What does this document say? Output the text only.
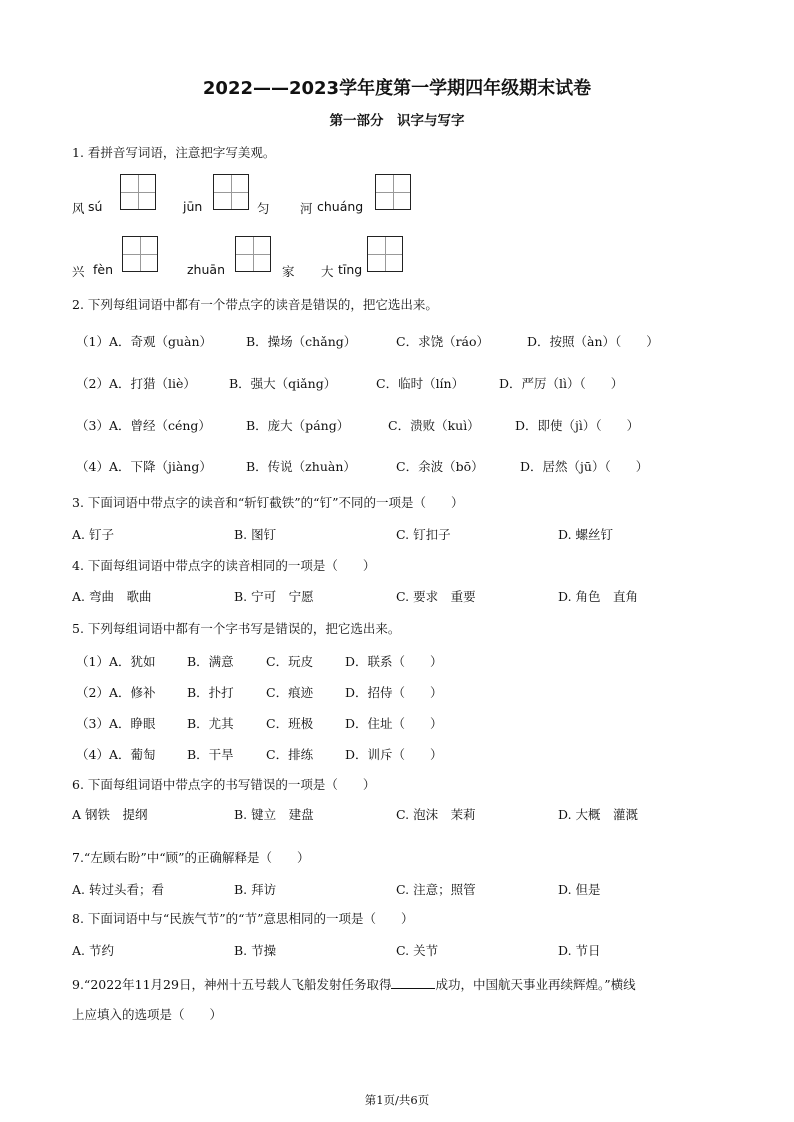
2022——2023学年度第一学期四年级期末试卷
第一部分　识字与写字
1. 看拼音写词语，注意把字写美观。
风 sú	jūn	匀 河 chuáng
兴 fèn	zhuān	家 大 tīng
2. 下列每组词语中都有一个带点字的读音是错误的，把它选出来。
（1）A．奇观（guàn）	B．操场（chǎng）	C．求饶（ráo）	D．按照（àn）（　　）
（2）A．打猎（liè）	B．强大（qiǎng）	C．临时（lín）	D．严厉（lì）（　　）
（3）A．曾经（céng）	B．庞大（páng）	C．溃败（kuì）	D．即使（jì）（　　）
（4）A．下降（jiàng）	B．传说（zhuàn）	C．余波（bō）	D．居然（jū）（　　）
3. 下面词语中带点字的读音和“斩钉截铁”的“钉”不同的一项是（　　）
A. 钉子	B. 图钉	C. 钉扣子	D. 螺丝钉
4. 下面每组词语中带点字的读音相同的一项是（　　）
A. 弯曲　歌曲	B. 宁可　宁愿	C. 要求　重要	D. 角色　直角
5. 下列每组词语中都有一个字书写是错误的，把它选出来。
（1）A．犹如	B．满意	C．玩皮	D．联系（　　）
（2）A．修补	B．扑打	C．痕迹	D．招侍（　　）
（3）A．睁眼	B．尤其	C．班极	D．住址（　　）
（4）A．葡匋	B．干旱	C．排练	D．训斥（　　）
6. 下面每组词语中带点字的书写错误的一项是（　　）
A 钢铁　提纲	B. 键立　建盘	C. 泡沫　茉莉	D. 大概　灌溉
7.“左顾右盼”中“顾”的正确解释是（　　）
A. 转过头看；看	B. 拜访	C. 注意；照管	D. 但是
8. 下面词语中与“民族气节”的“节”意思相同的一项是（　　）
A. 节约	B. 节操	C. 关节	D. 节日
9.“2022年11月29日，神州十五号载人飞船发射任务取得	成功，中国航天事业再续辉煌。”横线
上应填入的选项是（　　）
第1页/共6页
